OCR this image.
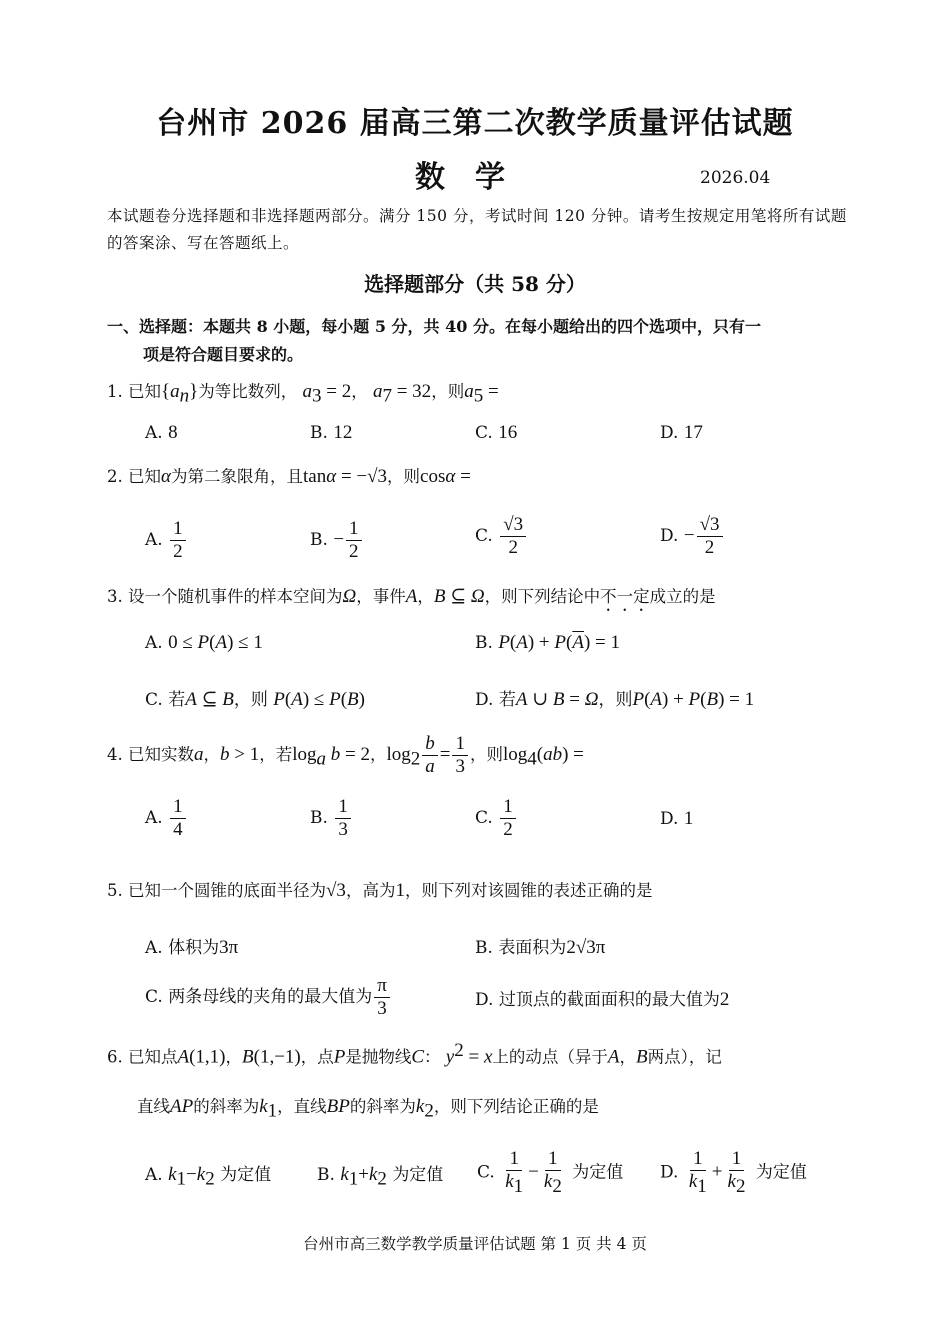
台州市 2026 届高三第二次教学质量评估试题
数学	2026.04
本试题卷分选择题和非选择题两部分。满分 150 分，考试时间 120 分钟。请考生按规定用笔将所有试题的答案涂、写在答题纸上。
选择题部分（共 58 分）
一、选择题：本题共 8 小题，每小题 5 分，共 40 分。在每小题给出的四个选项中，只有一
项是符合题目要求的。
1. 已知$\{a_n\}$为等比数列， $a_3 = 2$， $a_7 = 32$，则$a_5$ =
A. 8	B. 12	C. 16	D. 17
2. 已知α为第二象限角，且tanα = −√3，则cosα =
A. $\frac{1}{2}$	B. − $\frac{1}{2}$	C. $\frac{√3}{2}$	D. − $\frac{√3}{2}$
3. 设一个随机事件的样本空间为Ω，事件A，B ⊆ Ω，则下列结论中不一定成立的是
A. 0 ≤ P(A) ≤ 1	B. $P(A) + P(\overline{A}) = 1$
C. 若A ⊆ B，则 P(A) ≤ P(B)	D. 若A ∪ B = Ω，则P(A) + P(B) = 1
4. 已知实数a，b > 1，若$\log_a b = 2$，$\log_2 \frac{b}{a} = \frac{1}{3}$ ，则$\log_4(ab)$ =
A. $\frac{1}{4}$	B. $\frac{1}{3}$	C. $\frac{1}{2}$	D. 1
5. 已知一个圆锥的底面半径为√3，高为1，则下列对该圆锥的表述正确的是
A. 体积为3π	B. 表面积为2√3π
C. 两条母线的夹角的最大值为 $\frac{\pi}{3}$	D. 过顶点的截面面积的最大值为2
6. 已知点A(1,1)，B(1,−1)，点P是抛物线C： $y^2 = x$上的动点（异于A，B两点），记
直线AP的斜率为$k_1$，直线BP的斜率为$k_2$，则下列结论正确的是
A. $k_1-k_2$ 为定值	B. $k_1+k_2$ 为定值 C. $\frac{1}{k_1} - \frac{1}{k_2}$ 为定值 D. $\frac{1}{k_1} + \frac{1}{k_2}$ 为定值
台州市高三数学教学质量评估试题 第 1 页 共 4 页
